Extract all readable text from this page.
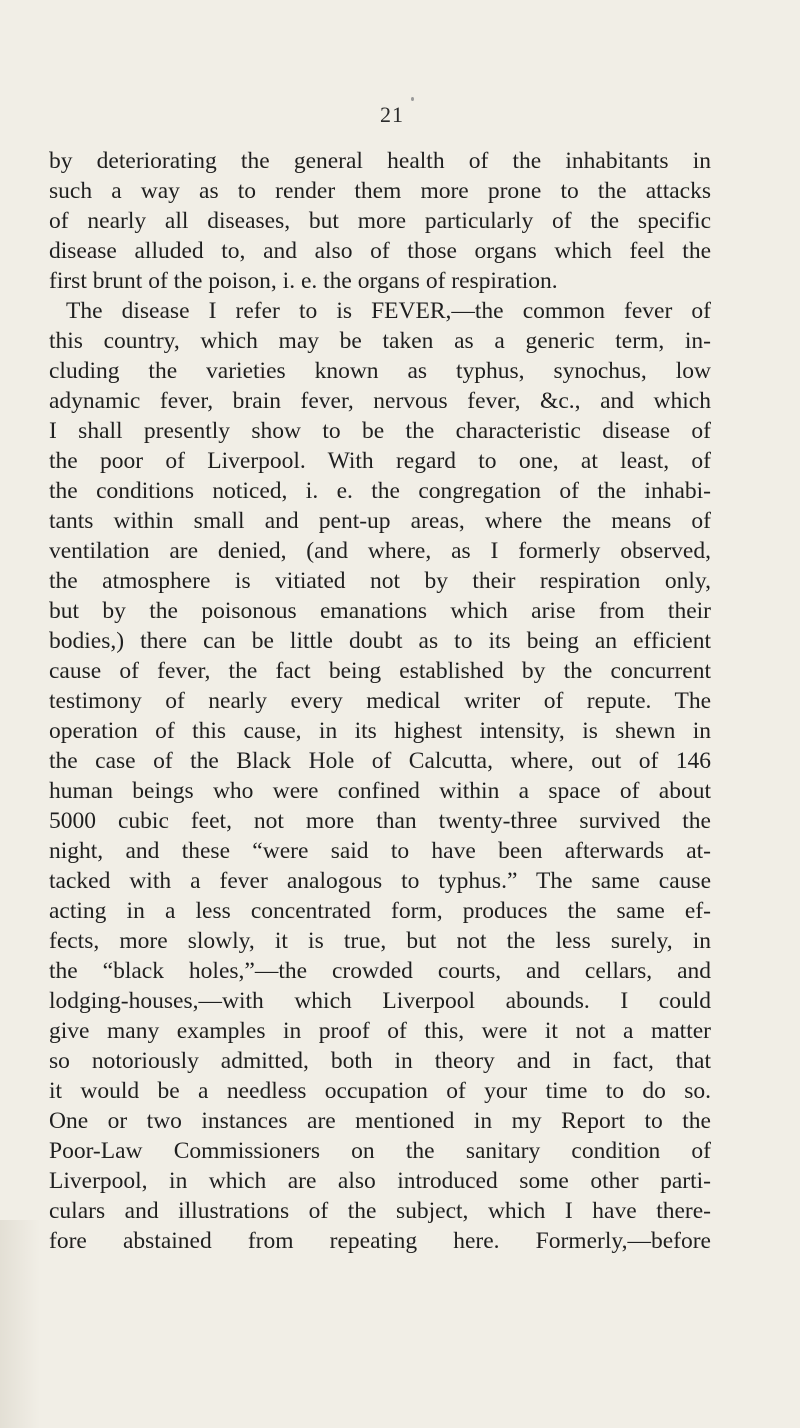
21
by deteriorating the general health of the inhabitants in
such a way as to render them more prone to the attacks
of nearly all diseases, but more particularly of the specific
disease alluded to, and also of those organs which feel the
first brunt of the poison, i. e. the organs of respiration.
The disease I refer to is FEVER,—the common fever of
this country, which may be taken as a generic term, in-
cluding the varieties known as typhus, synochus, low
adynamic fever, brain fever, nervous fever, &c., and which
I shall presently show to be the characteristic disease of
the poor of Liverpool. With regard to one, at least, of
the conditions noticed, i. e. the congregation of the inhabi-
tants within small and pent-up areas, where the means of
ventilation are denied, (and where, as I formerly observed,
the atmosphere is vitiated not by their respiration only,
but by the poisonous emanations which arise from their
bodies,) there can be little doubt as to its being an efficient
cause of fever, the fact being established by the concurrent
testimony of nearly every medical writer of repute. The
operation of this cause, in its highest intensity, is shewn in
the case of the Black Hole of Calcutta, where, out of 146
human beings who were confined within a space of about
5000 cubic feet, not more than twenty-three survived the
night, and these “were said to have been afterwards at-
tacked with a fever analogous to typhus.” The same cause
acting in a less concentrated form, produces the same ef-
fects, more slowly, it is true, but not the less surely, in
the “black holes,”—the crowded courts, and cellars, and
lodging-houses,—with which Liverpool abounds. I could
give many examples in proof of this, were it not a matter
so notoriously admitted, both in theory and in fact, that
it would be a needless occupation of your time to do so.
One or two instances are mentioned in my Report to the
Poor-Law Commissioners on the sanitary condition of
Liverpool, in which are also introduced some other parti-
culars and illustrations of the subject, which I have there-
fore abstained from repeating here. Formerly,—before
